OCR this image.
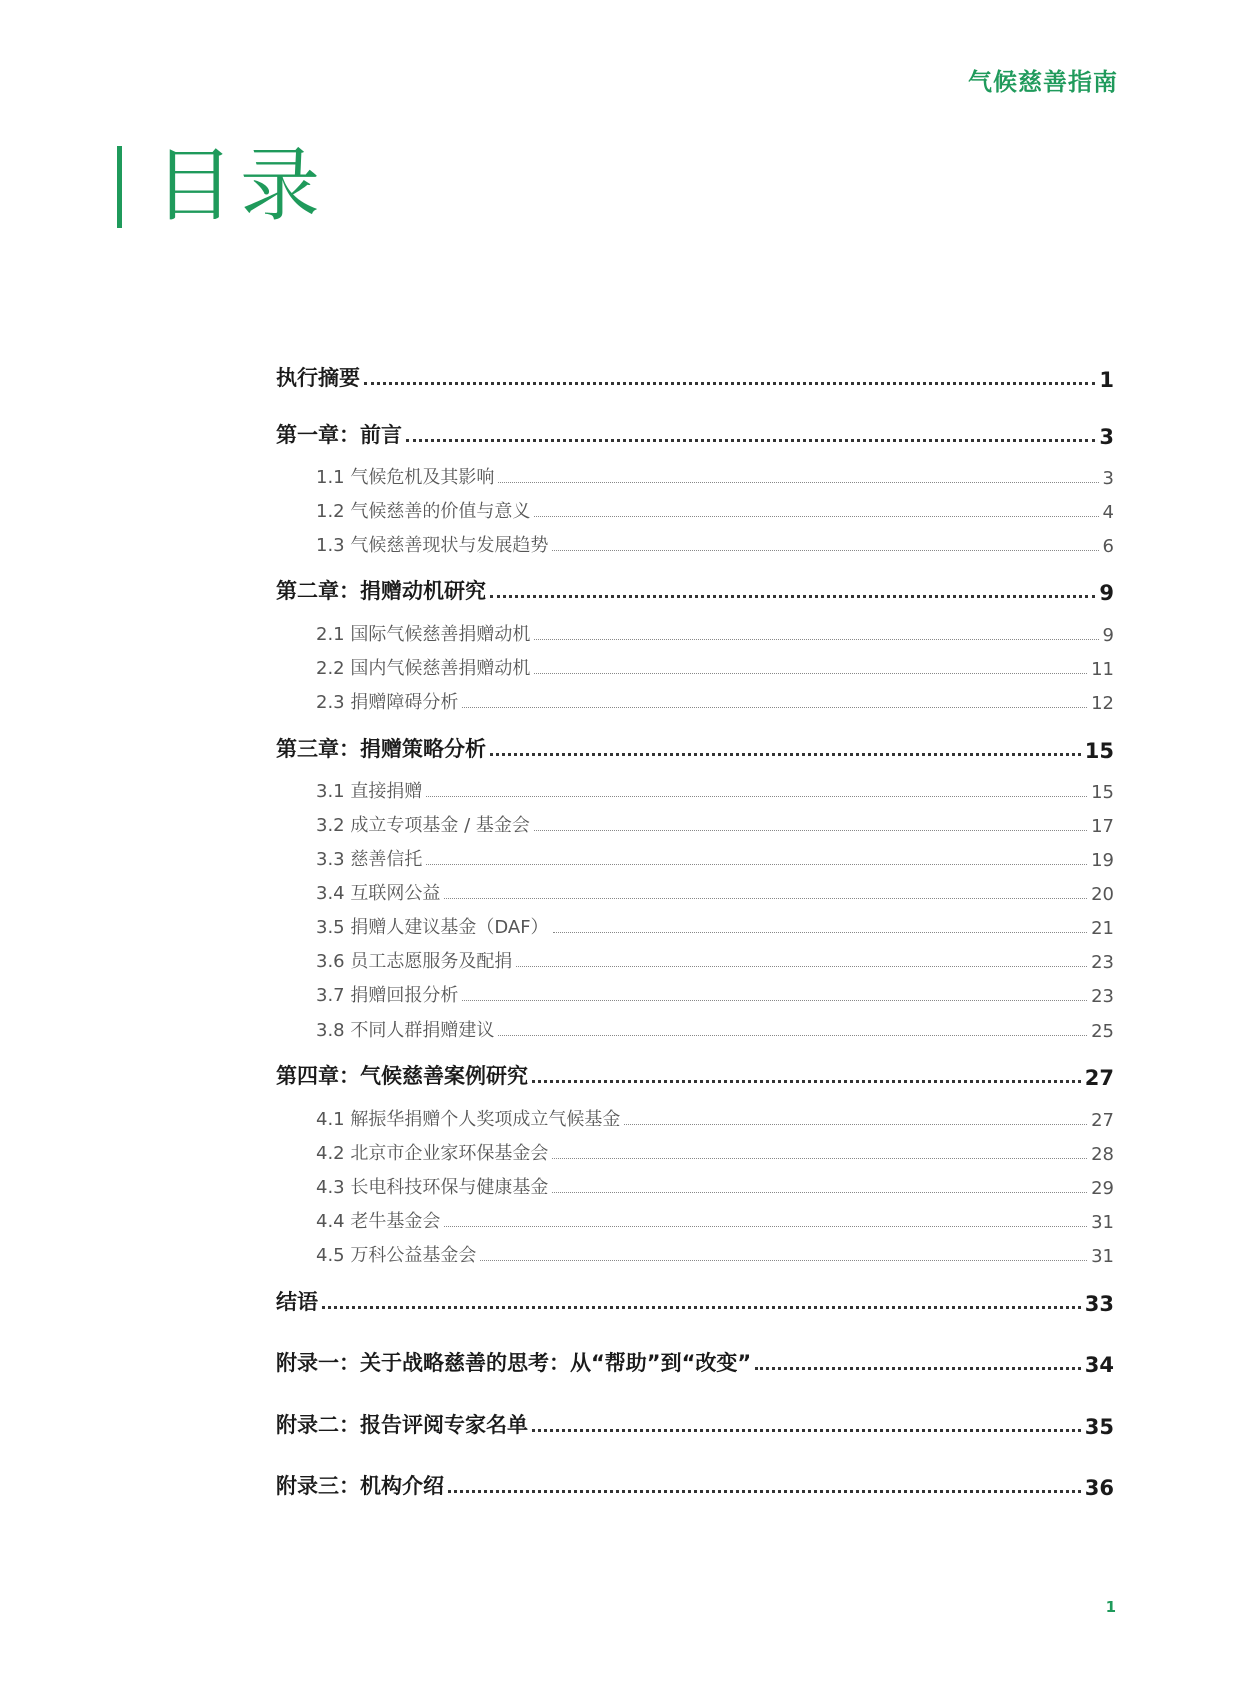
气候慈善指南
目录
执行摘要	1
第一章：前言	3
1.1 气候危机及其影响	3
1.2 气候慈善的价值与意义	4
1.3 气候慈善现状与发展趋势	6
第二章：捐赠动机研究	9
2.1 国际气候慈善捐赠动机	9
2.2 国内气候慈善捐赠动机	11
2.3 捐赠障碍分析	12
第三章：捐赠策略分析	15
3.1 直接捐赠	15
3.2 成立专项基金 / 基金会	17
3.3 慈善信托	19
3.4 互联网公益	20
3.5 捐赠人建议基金（DAF）	21
3.6 员工志愿服务及配捐	23
3.7 捐赠回报分析	23
3.8 不同人群捐赠建议	25
第四章：气候慈善案例研究	27
4.1 解振华捐赠个人奖项成立气候基金	27
4.2 北京市企业家环保基金会	28
4.3 长电科技环保与健康基金	29
4.4 老牛基金会	31
4.5 万科公益基金会	31
结语	33
附录一：关于战略慈善的思考：从“帮助”到“改变”	34
附录二：报告评阅专家名单	35
附录三：机构介绍	36
1
